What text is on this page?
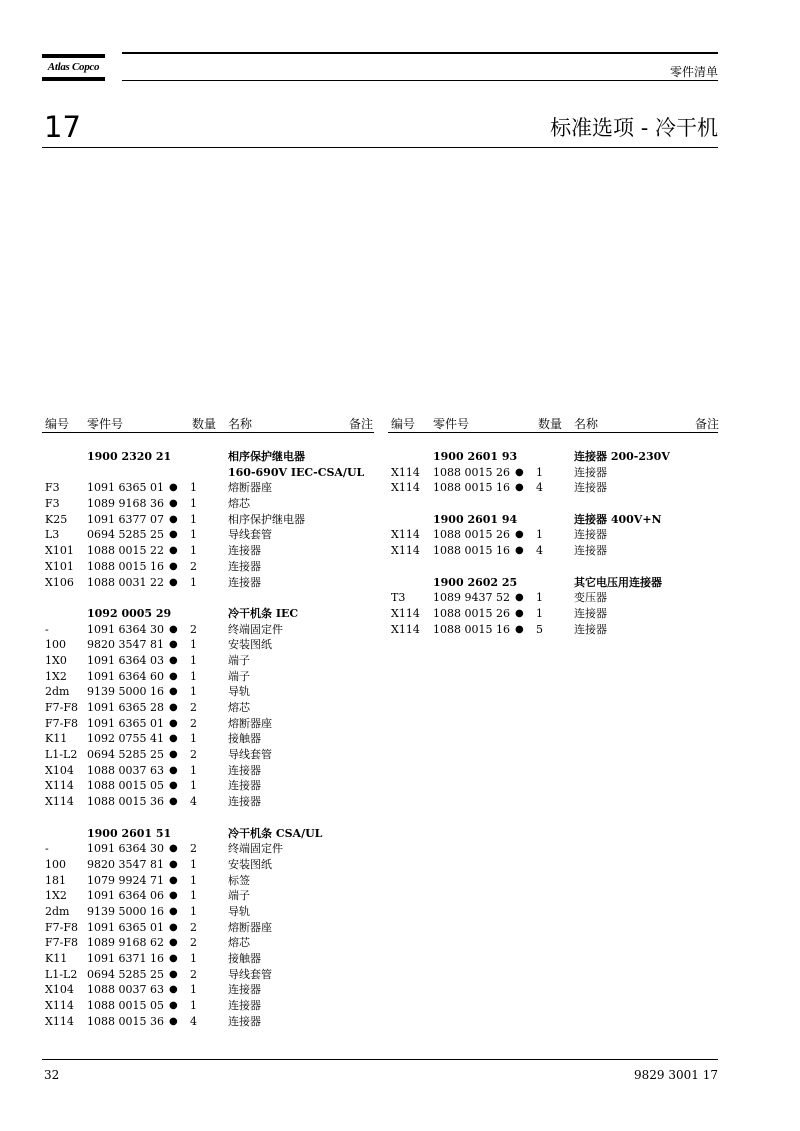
Atlas Copco	零件清单
17	标准选项 - 冷干机
编号 零件号	数量 名称	备注
1900 2320 21	相序保护继电器
160-690V IEC-CSA/UL
F3 1091 6365 01 ● 1	熔断器座
F3 1089 9168 36 ● 1	熔芯
K25 1091 6377 07 ● 1	相序保护继电器
L3	0694 5285 25 ● 1	导线套管
X101 1088 0015 22 ● 1	连接器
X101 1088 0015 16 ● 2	连接器
X106 1088 0031 22 ● 1	连接器
1092 0005 29	冷干机条 IEC
-	1091 6364 30 ● 2	终端固定件
100 9820 3547 81 ● 1	安装图纸
1X0 1091 6364 03 ● 1	端子
1X2 1091 6364 60 ● 1	端子
2dm 9139 5000 16 ● 1	导轨
F7-F8 1091 6365 28 ● 2	熔芯
F7-F8 1091 6365 01 ● 2	熔断器座
K11 1092 0755 41 ● 1	接触器
L1-L2 0694 5285 25 ● 2	导线套管
X104 1088 0037 63 ● 1	连接器
X114 1088 0015 05 ● 1	连接器
X114 1088 0015 36 ● 4	连接器
1900 2601 51	冷干机条 CSA/UL
-	1091 6364 30 ● 2	终端固定件
100 9820 3547 81 ● 1	安装图纸
181 1079 9924 71 ● 1	标签
1X2 1091 6364 06 ● 1	端子
2dm 9139 5000 16 ● 1	导轨
F7-F8 1091 6365 01 ● 2	熔断器座
F7-F8 1089 9168 62 ● 2	熔芯
K11 1091 6371 16 ● 1	接触器
L1-L2 0694 5285 25 ● 2	导线套管
X104 1088 0037 63 ● 1	连接器
X114 1088 0015 05 ● 1	连接器
X114 1088 0015 36 ● 4	连接器
编号 零件号	数量 名称	备注
1900 2601 93	连接器 200-230V
X114 1088 0015 26 ● 1	连接器
X114 1088 0015 16 ● 4	连接器
1900 2601 94	连接器 400V+N
X114 1088 0015 26 ● 1	连接器
X114 1088 0015 16 ● 4	连接器
1900 2602 25	其它电压用连接器
T3	1089 9437 52 ● 1	变压器
X114 1088 0015 26 ● 1	连接器
X114 1088 0015 16 ● 5	连接器
32	9829 3001 17
